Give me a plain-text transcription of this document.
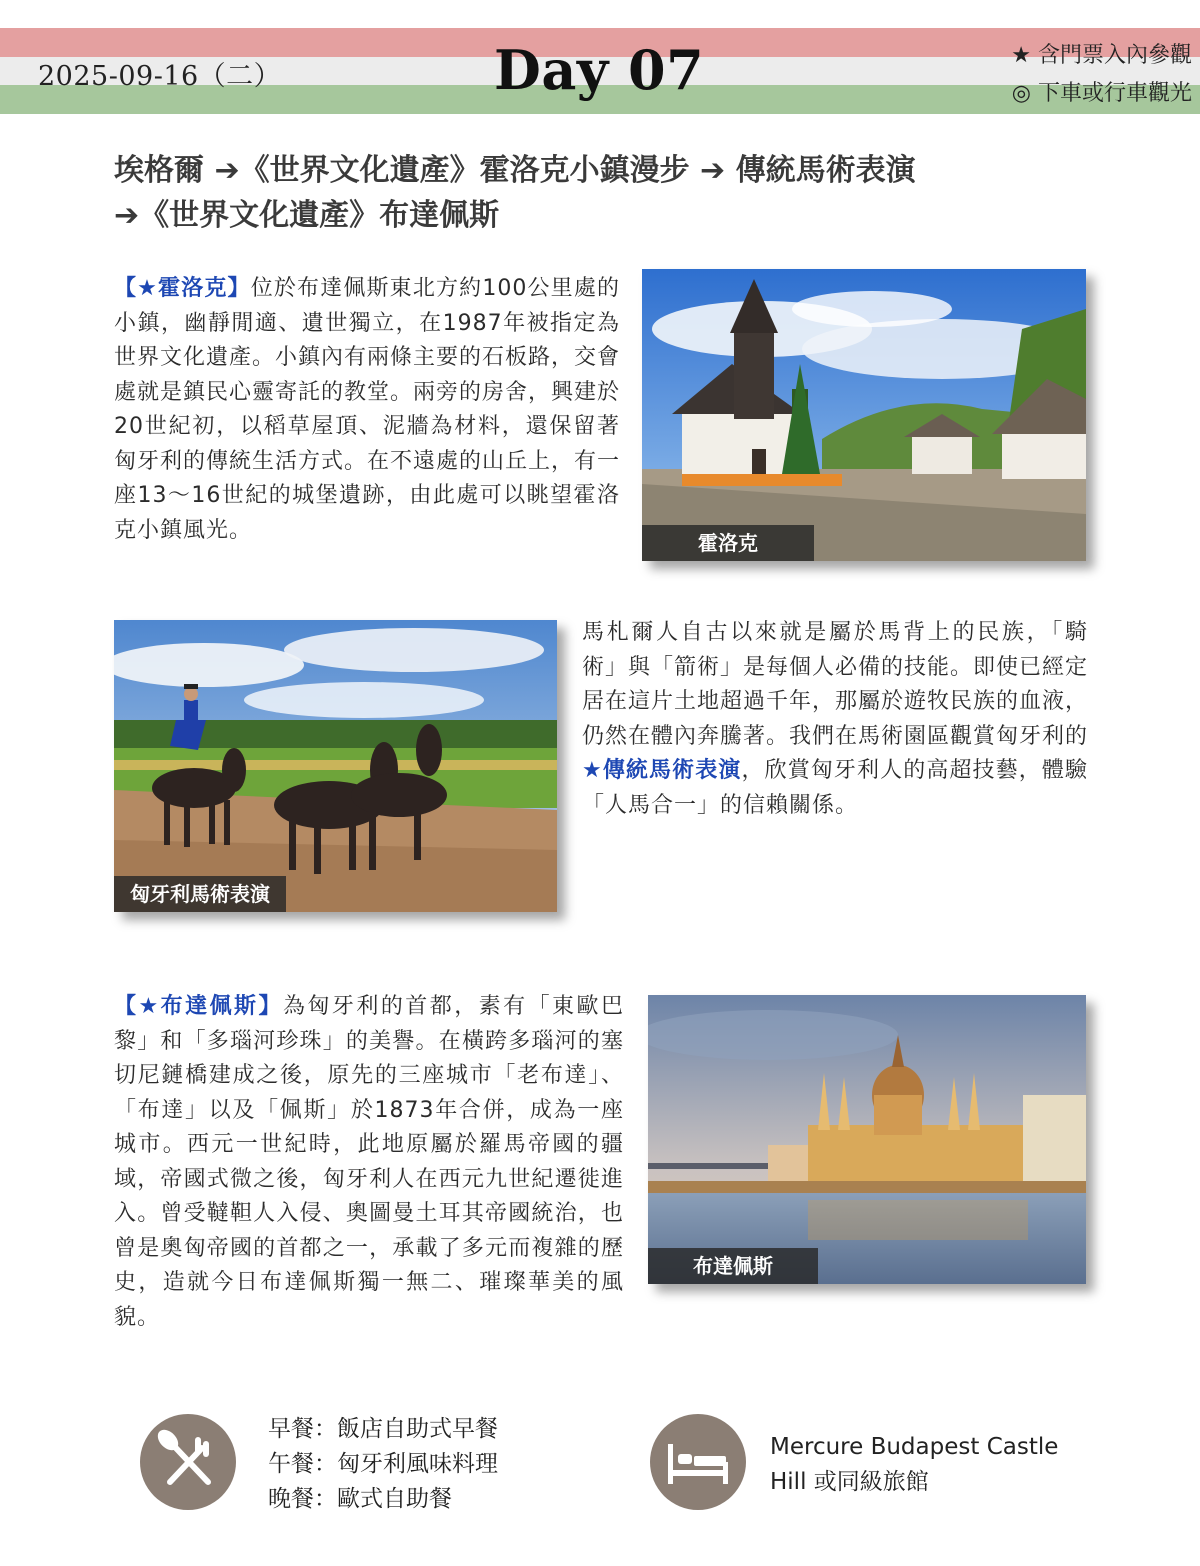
2025-09-16（二）	Day 07	★ 含門票入內參觀
◎ 下車或行車觀光
埃格爾 ➔《世界文化遺產》霍洛克小鎮漫步 ➔ 傳統馬術表演
➔《世界文化遺產》布達佩斯
【★霍洛克】位於布達佩斯東北方約100公里處的小鎮，幽靜閒適、遺世獨立，在1987年被指定為世界文化遺產。小鎮內有兩條主要的石板路，交會處就是鎮民心靈寄託的教堂。兩旁的房舍，興建於20世紀初，以稻草屋頂、泥牆為材料，還保留著匈牙利的傳統生活方式。在不遠處的山丘上，有一座13～16世紀的城堡遺跡，由此處可以眺望霍洛克小鎮風光。
霍洛克
匈牙利馬術表演
馬札爾人自古以來就是屬於馬背上的民族，「騎術」與「箭術」是每個人必備的技能。即使已經定居在這片土地超過千年，那屬於遊牧民族的血液，仍然在體內奔騰著。我們在馬術園區觀賞匈牙利的★傳統馬術表演，欣賞匈牙利人的高超技藝，體驗「人馬合一」的信賴關係。
【★布達佩斯】為匈牙利的首都，素有「東歐巴黎」和「多瑙河珍珠」的美譽。在橫跨多瑙河的塞切尼鏈橋建成之後，原先的三座城市「老布達」、「布達」以及「佩斯」於1873年合併，成為一座城市。西元一世紀時，此地原屬於羅馬帝國的疆域，帝國式微之後，匈牙利人在西元九世紀遷徙進入。曾受韃靼人入侵、奧圖曼土耳其帝國統治，也曾是奧匈帝國的首都之一，承載了多元而複雜的歷史，造就今日布達佩斯獨一無二、璀璨華美的風貌。
布達佩斯
早餐：飯店自助式早餐
午餐：匈牙利風味料理
晚餐：歐式自助餐
Mercure Budapest Castle
Hill 或同級旅館
